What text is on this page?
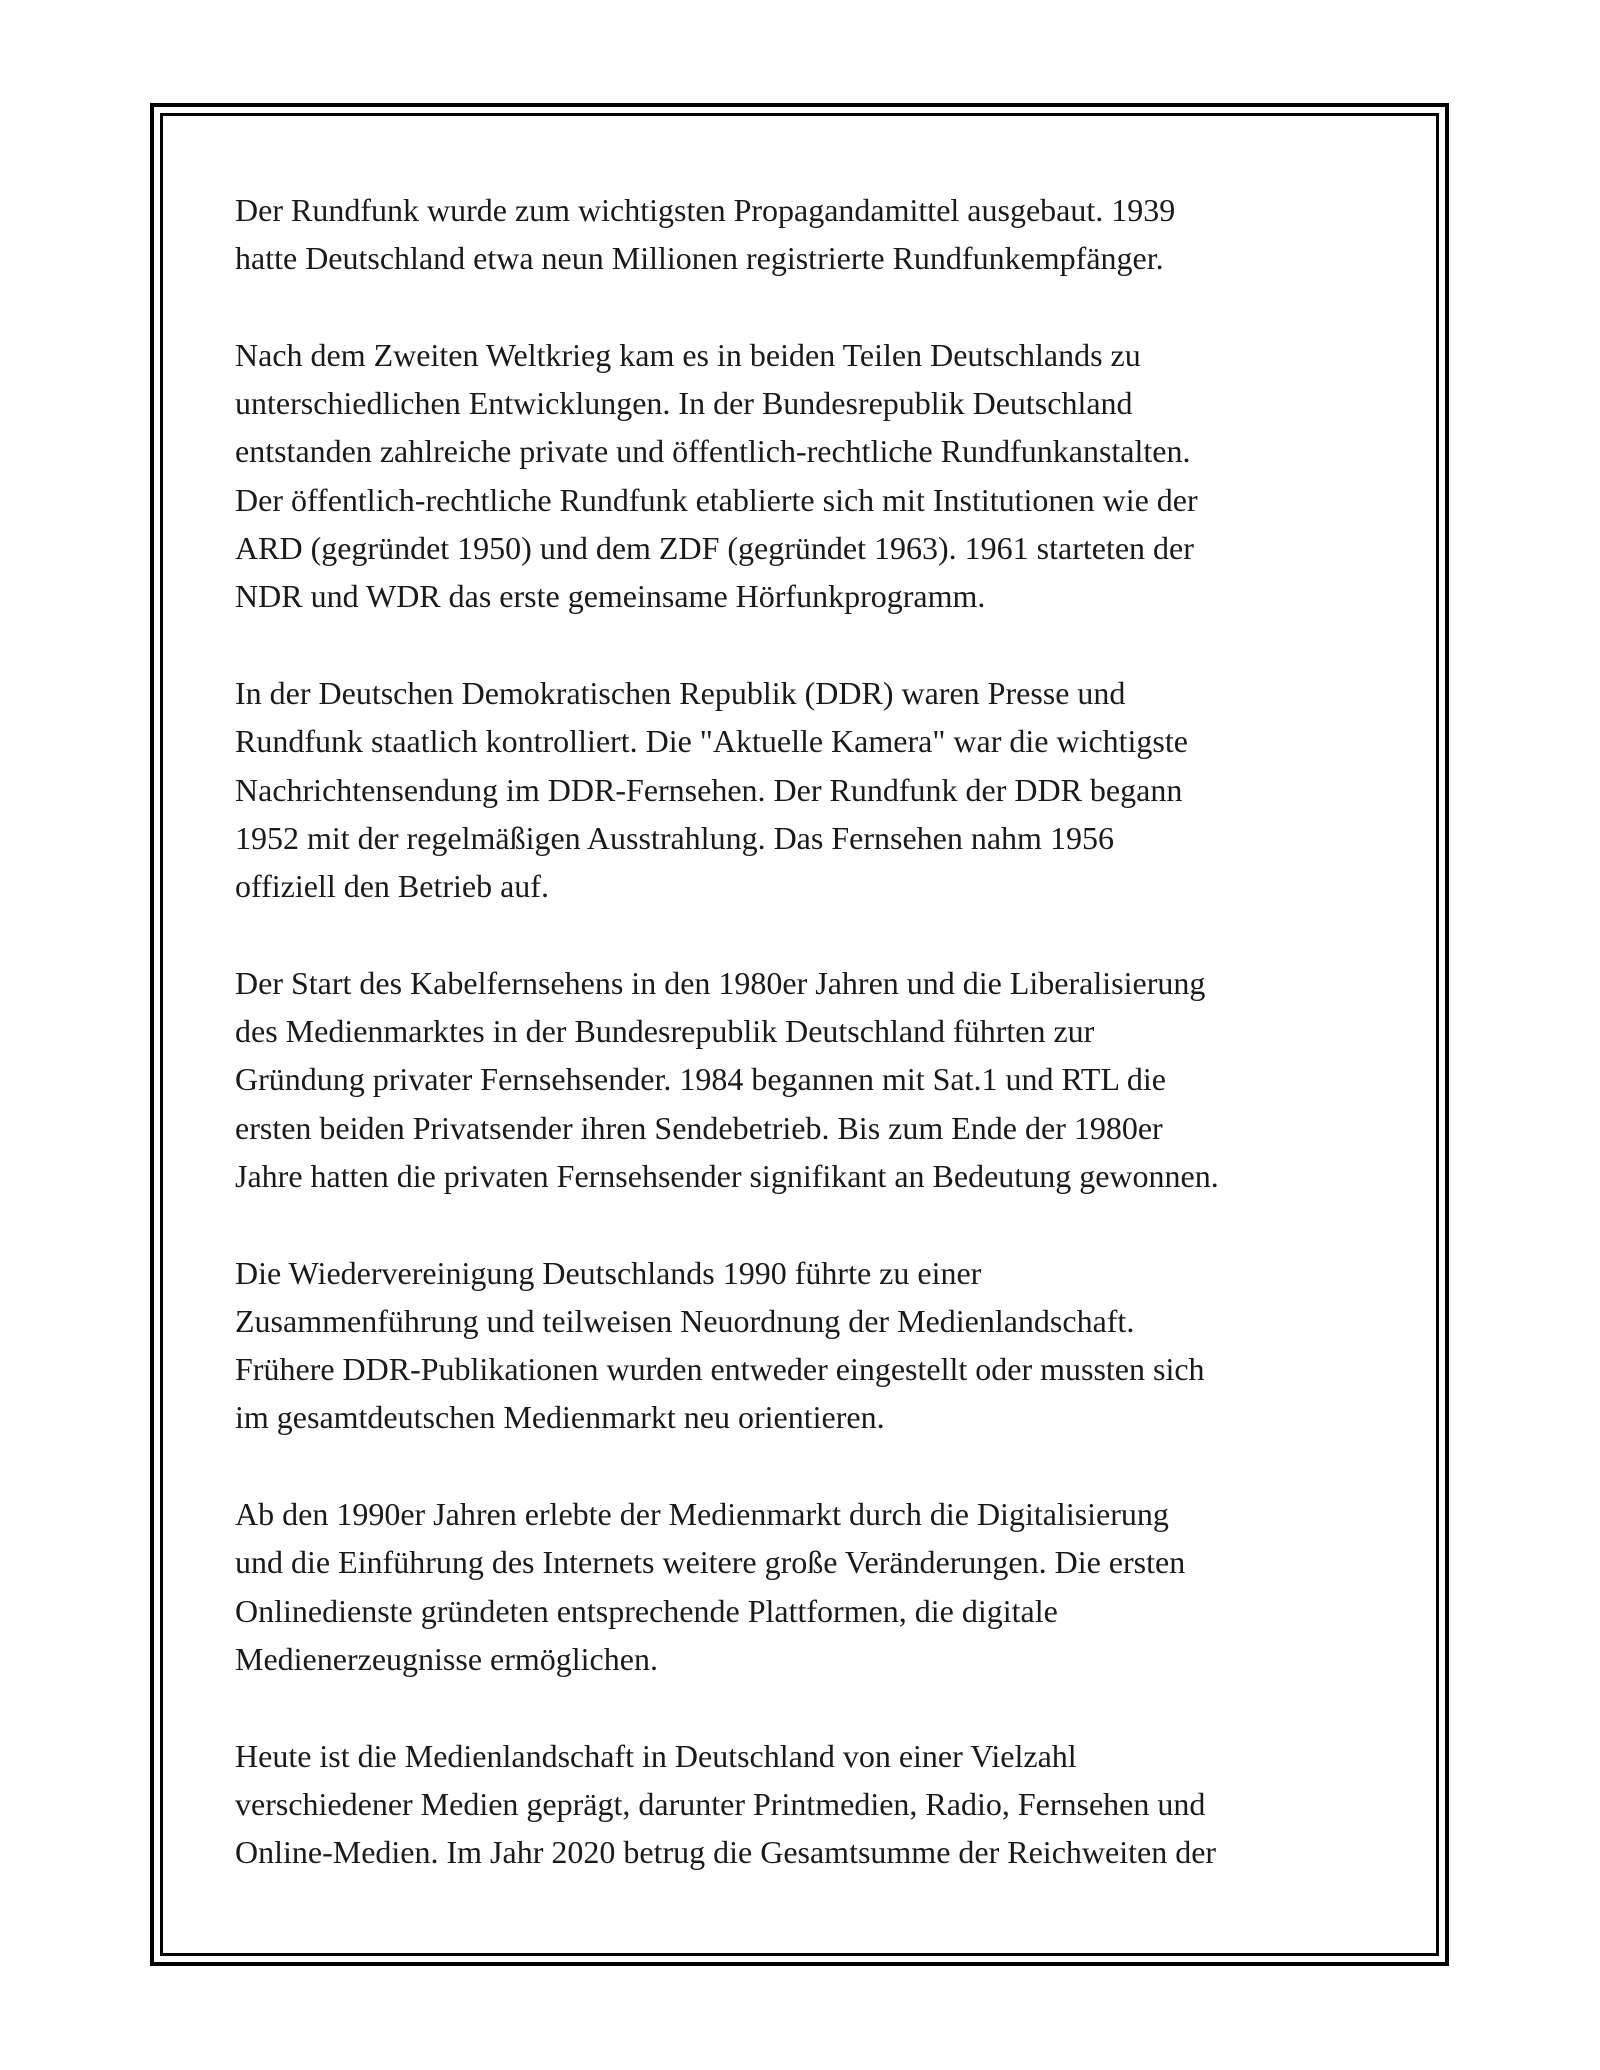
Der Rundfunk wurde zum wichtigsten Propagandamittel ausgebaut. 1939
hatte Deutschland etwa neun Millionen registrierte Rundfunkempfänger.

Nach dem Zweiten Weltkrieg kam es in beiden Teilen Deutschlands zu
unterschiedlichen Entwicklungen. In der Bundesrepublik Deutschland
entstanden zahlreiche private und öffentlich-rechtliche Rundfunkanstalten.
Der öffentlich-rechtliche Rundfunk etablierte sich mit Institutionen wie der
ARD (gegründet 1950) und dem ZDF (gegründet 1963). 1961 starteten der
NDR und WDR das erste gemeinsame Hörfunkprogramm.

In der Deutschen Demokratischen Republik (DDR) waren Presse und
Rundfunk staatlich kontrolliert. Die "Aktuelle Kamera" war die wichtigste
Nachrichtensendung im DDR-Fernsehen. Der Rundfunk der DDR begann
1952 mit der regelmäßigen Ausstrahlung. Das Fernsehen nahm 1956
offiziell den Betrieb auf.

Der Start des Kabelfernsehens in den 1980er Jahren und die Liberalisierung
des Medienmarktes in der Bundesrepublik Deutschland führten zur
Gründung privater Fernsehsender. 1984 begannen mit Sat.1 und RTL die
ersten beiden Privatsender ihren Sendebetrieb. Bis zum Ende der 1980er
Jahre hatten die privaten Fernsehsender signifikant an Bedeutung gewonnen.

Die Wiedervereinigung Deutschlands 1990 führte zu einer
Zusammenführung und teilweisen Neuordnung der Medienlandschaft.
Frühere DDR-Publikationen wurden entweder eingestellt oder mussten sich
im gesamtdeutschen Medienmarkt neu orientieren.

Ab den 1990er Jahren erlebte der Medienmarkt durch die Digitalisierung
und die Einführung des Internets weitere große Veränderungen. Die ersten
Onlinedienste gründeten entsprechende Plattformen, die digitale
Medienerzeugnisse ermöglichen.

Heute ist die Medienlandschaft in Deutschland von einer Vielzahl
verschiedener Medien geprägt, darunter Printmedien, Radio, Fernsehen und
Online-Medien. Im Jahr 2020 betrug die Gesamtsumme der Reichweiten der
